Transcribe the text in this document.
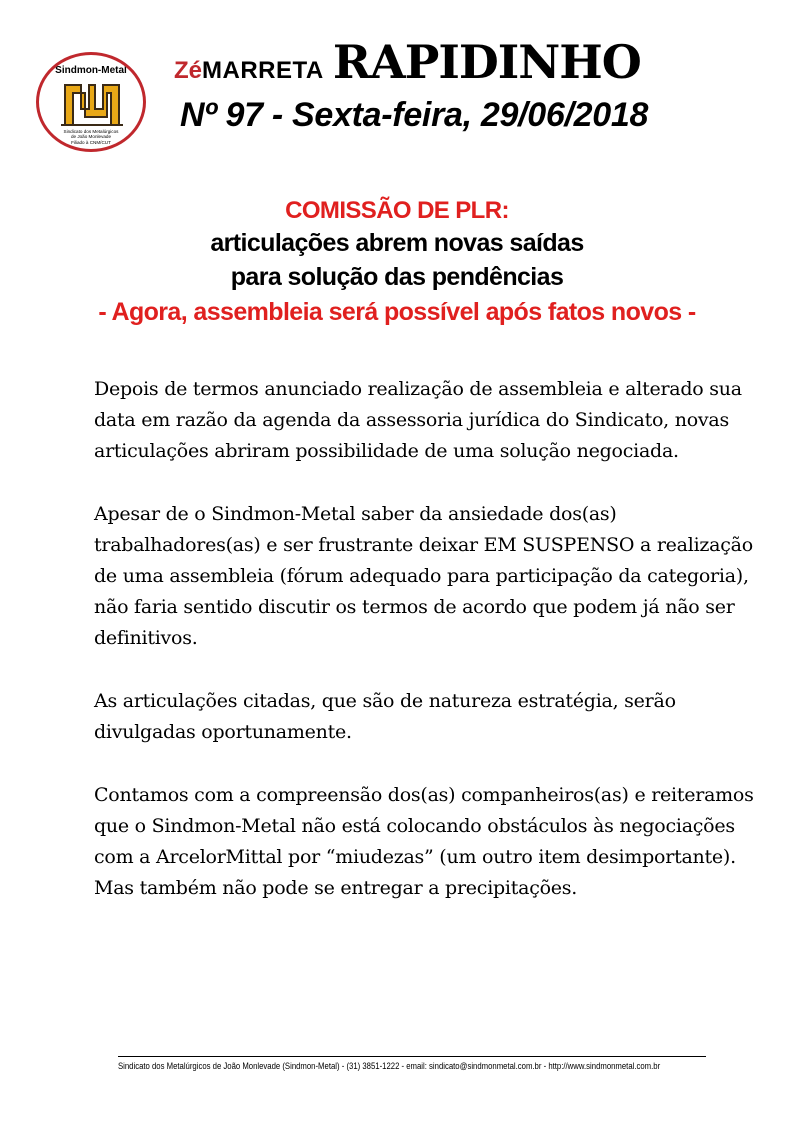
Sindmon-Metal
Sindicato dos Metalúrgicos
de João Monlevade
Filiado à CNM/CUT
ZéMARRETA RAPIDINHO
Nº 97 - Sexta-feira, 29/06/2018
COMISSÃO DE PLR:
articulações abrem novas saídas
para solução das pendências
- Agora, assembleia será possível após fatos novos -

Depois de termos anunciado realização de assembleia e alterado sua data em razão da agenda da assessoria jurídica do Sindicato, novas articulações abriram possibilidade de uma solução negociada.

Apesar de o Sindmon-Metal saber da ansiedade dos(as) trabalhadores(as) e ser frustrante deixar EM SUSPENSO a realização de uma assembleia (fórum adequado para participação da categoria), não faria sentido discutir os termos de acordo que podem já não ser definitivos.

As articulações citadas, que são de natureza estratégia, serão divulgadas oportunamente.

Contamos com a compreensão dos(as) companheiros(as) e reiteramos que o Sindmon-Metal não está colocando obstáculos às negociações com a ArcelorMittal por “miudezas” (um outro item desimportante). Mas também não pode se entregar a precipitações.

Sindicato dos Metalúrgicos de João Monlevade (Sindmon-Metal) - (31) 3851-1222 - email: sindicato@sindmonmetal.com.br - http://www.sindmonmetal.com.br
